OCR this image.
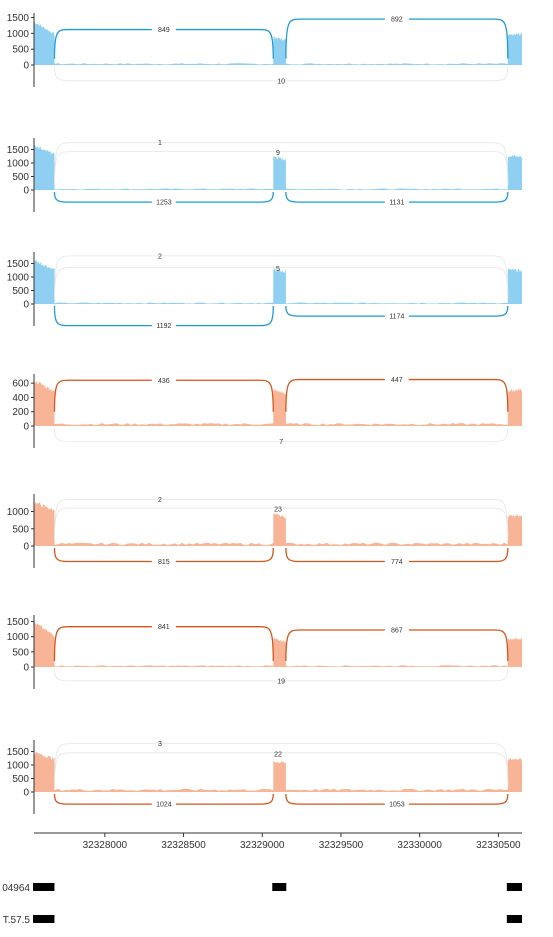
849
892
10
0
500
1000
1500
1253	1131
1
9
0
500
1000
1500
1192
1174
2
5
0
500
1000
1500
436	447
7
0
200
400
600
815	774
2
23
0
500
1000
841	867
19
0
500
1000
1500
1024	1053
3
22
0
500
1000
1500
32328000	32328500	32329000	32329500	32330000	32330500
04964
T.57.5
